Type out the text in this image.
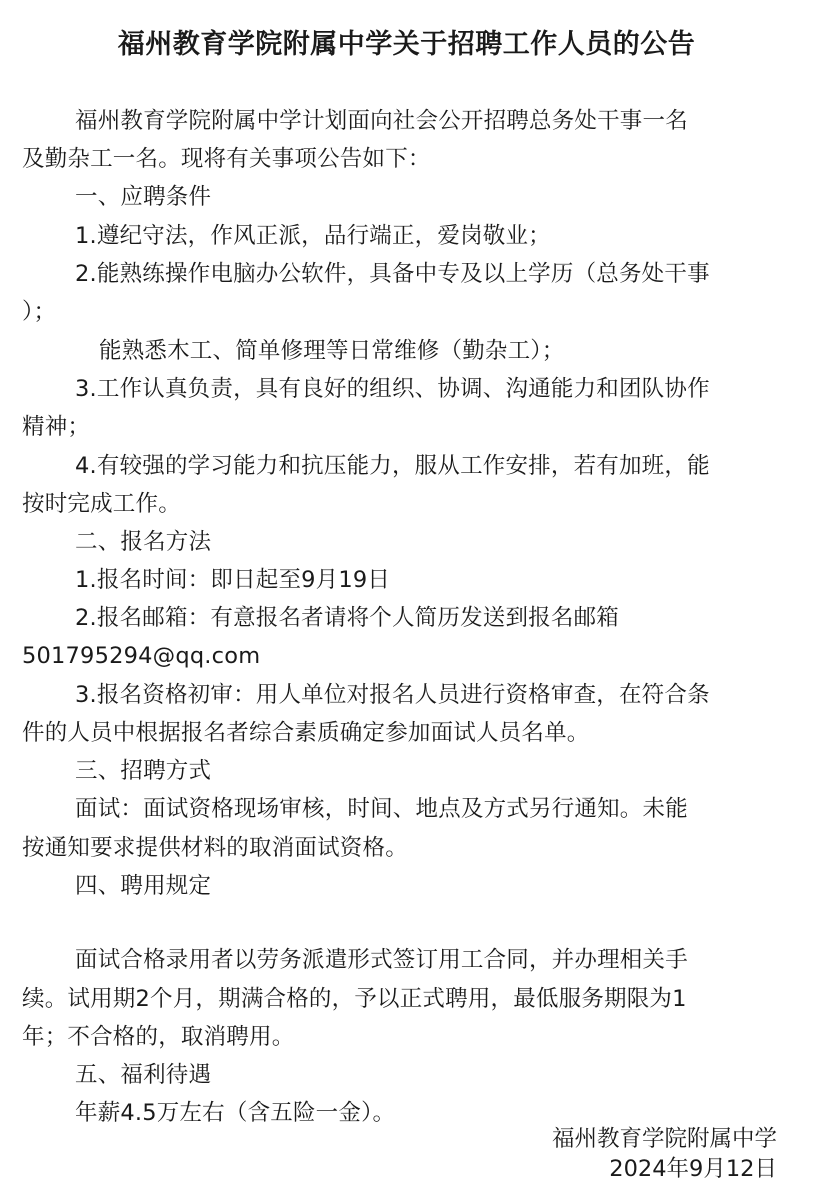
福州教育学院附属中学关于招聘工作人员的公告
福州教育学院附属中学计划面向社会公开招聘总务处干事一名
及勤杂工一名。现将有关事项公告如下：
一、应聘条件
1.遵纪守法，作风正派，品行端正，爱岗敬业；
2.能熟练操作电脑办公软件，具备中专及以上学历（总务处干事
）；
能熟悉木工、简单修理等日常维修（勤杂工）；
3.工作认真负责，具有良好的组织、协调、沟通能力和团队协作
精神；
4.有较强的学习能力和抗压能力，服从工作安排，若有加班，能
按时完成工作。
二、报名方法
1.报名时间：即日起至9月19日
2.报名邮箱：有意报名者请将个人简历发送到报名邮箱
501795294@qq.com
3.报名资格初审：用人单位对报名人员进行资格审查，在符合条
件的人员中根据报名者综合素质确定参加面试人员名单。
三、招聘方式
面试：面试资格现场审核，时间、地点及方式另行通知。未能
按通知要求提供材料的取消面试资格。
四、聘用规定
面试合格录用者以劳务派遣形式签订用工合同，并办理相关手
续。试用期2个月，期满合格的，予以正式聘用，最低服务期限为1
年；不合格的，取消聘用。
五、福利待遇
年薪4.5万左右（含五险一金）。
福州教育学院附属中学
2024年9月12日
